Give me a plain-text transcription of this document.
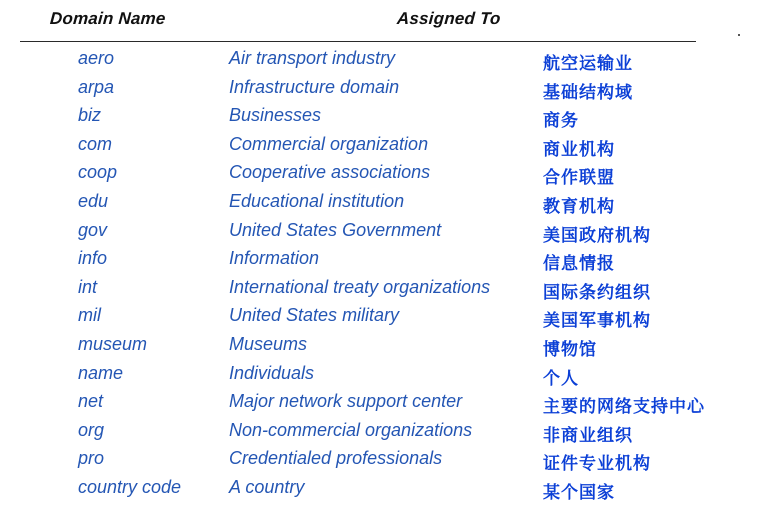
Domain Name	Assigned To
aero	Air transport industry	航空运输业
arpa	Infrastructure domain	基础结构域
biz	Businesses	商务
com	Commercial organization	商业机构
coop	Cooperative associations	合作联盟
edu	Educational institution	教育机构
gov	United States Government	美国政府机构
info	Information	信息情报
int	International treaty organizations	国际条约组织
mil	United States military	美国军事机构
museum	Museums	博物馆
name	Individuals	个人
net	Major network support center	主要的网络支持中心
org	Non-commercial organizations	非商业组织
pro	Credentialed professionals	证件专业机构
country code	A country	某个国家
